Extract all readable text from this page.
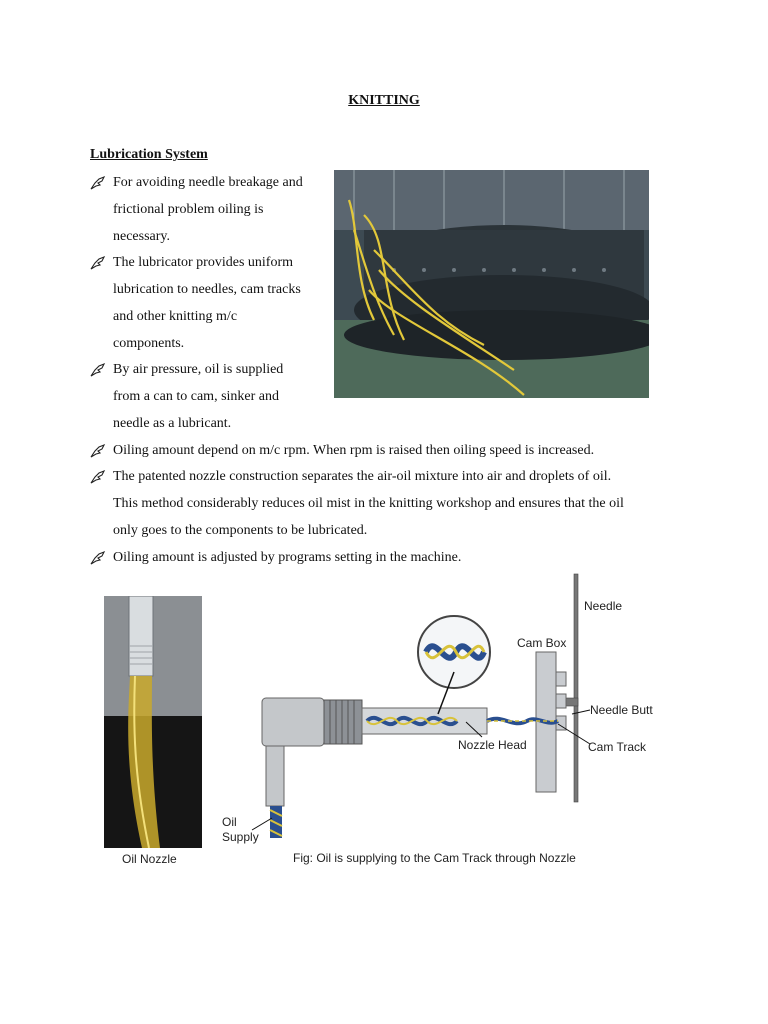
KNITTING
Lubrication System
For avoiding needle breakage and
frictional problem oiling is
necessary.
The lubricator provides uniform
lubrication to needles, cam tracks
and other knitting m/c
components.
By air pressure, oil is supplied
from a can to cam, sinker and
needle as a lubricant.
Oiling amount depend on m/c rpm. When rpm is raised then oiling speed is increased.
The patented nozzle construction separates the air-oil mixture into air and droplets of oil.
This method considerably reduces oil mist in the knitting workshop and ensures that the oil
only goes to the components to be lubricated.
Oiling amount is adjusted by programs setting in the machine.
Oil Nozzle
Needle
Cam Box
Needle Butt
Nozzle Head	Cam Track
Oil
Supply
Fig: Oil is supplying to the Cam Track through Nozzle
